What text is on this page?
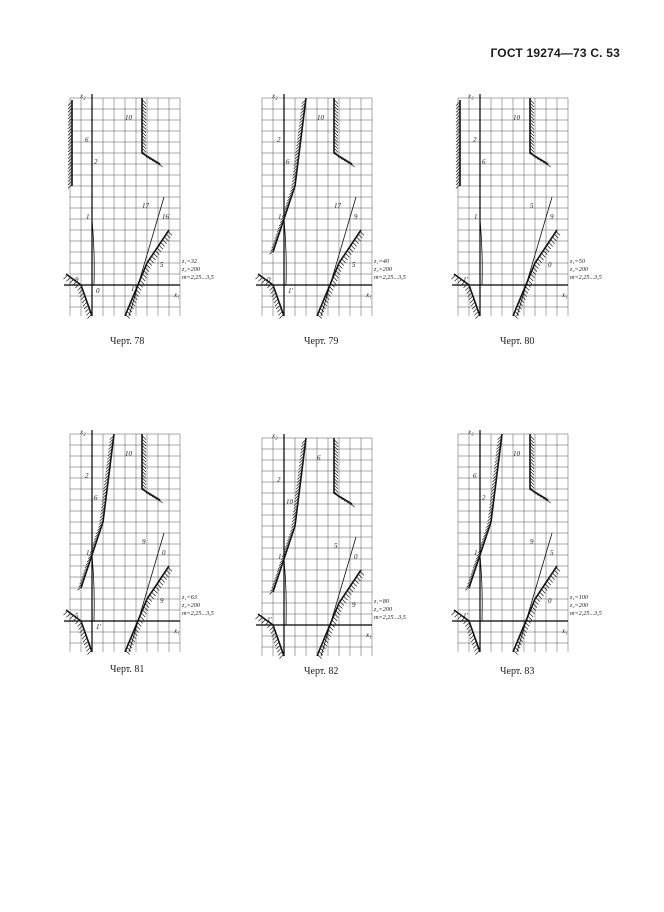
ГОСТ 19274—73 С. 53
x₂
x₁
10
6
2
1
17
16
5
9
0	1'
z₁=32
z₂=200
m=2,25...3,5
Черт. 78
x₂
x₁
10
2
6
1
17
9
5
0
1'
z₁=40
z₂=200
m=2,25...3,5
Черт. 79
x₂
x₁
10
2
6
1
5
9
0
1'
z₁=50
z₂=200
m=2,25...3,5
Черт. 80
x₂
x₁
10
2
6
1
9
0
9
5
1'
z₁=63
z₂=200
m=2,25...3,5
Черт. 81
x₂
x₁
6
2
10
1
5
0
9
1'
z₁=80
z₂=200
m=2,25...3,5
Черт. 82
x₂
x₁
10
6
2
1
9
5
0
1'
z₁=100
z₂=200
m=2,25...3,5
Черт. 83
